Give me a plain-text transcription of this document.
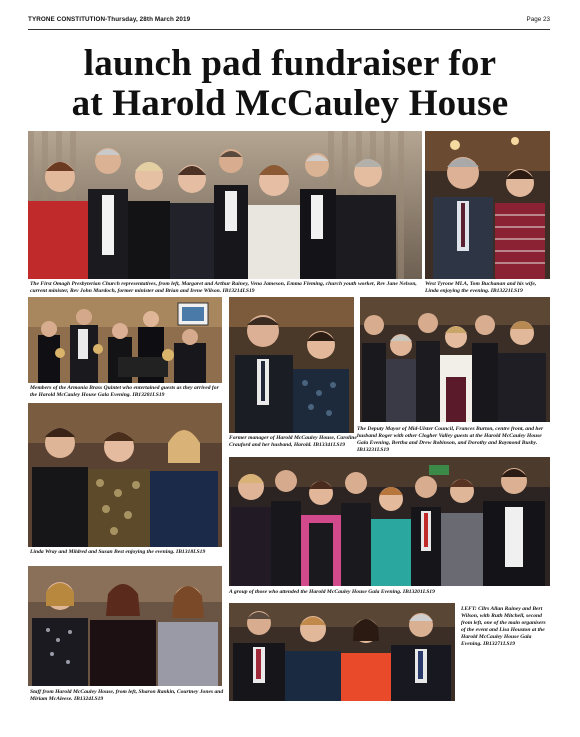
TYRONE CONSTITUTION-Thursday, 28th March 2019	Page 23
launch pad fundraiser for
at Harold McCauley House
The First Omagh Presbyterian Church representatives, from left, Margaret and Arthur Rainey, Vena Jameson, Emma Fleming, church youth worker, Rev Jane Nelson, current minister, Rev John Murdoch, former minister and Brian and Irene Wilson. IB13214LS19
West Tyrone MLA, Tom Buchanan and his wife, Linda enjoying the evening. IB13221LS19
Members of the Armonia Brass Quintet who entertained guests as they arrived for the Harold McCauley House Gala Evening. IB13281LS19
Former manager of Harold McCauley House, Caroline Crauford and her husband, Harold. IB13341LS19
The Deputy Mayor of Mid-Ulster Council, Frances Burton, centre front, and her husband Roger with other Clogher Valley guests at the Harold McCauley House Gala Evening, Bertha and Drew Robinson, and Dorothy and Raymond Busby. IB13231LS19
Linda Wray and Mildred and Susan Best enjoying the evening. IB1318LS19
A group of those who attended the Harold McCauley House Gala Evening. IB13201LS19
Staff from Harold McCauley House, from left, Sharon Rankin, Courtney Jones and Miriam McAleese. IB1324LS19
LEFT: Cllrs Allan Rainey and Bert Wilson, with Ruth Mitchell, second from left, one of the main organisers of the event and Lisa Houston at the Harold McCauley House Gala Evening. IB13271LS19
